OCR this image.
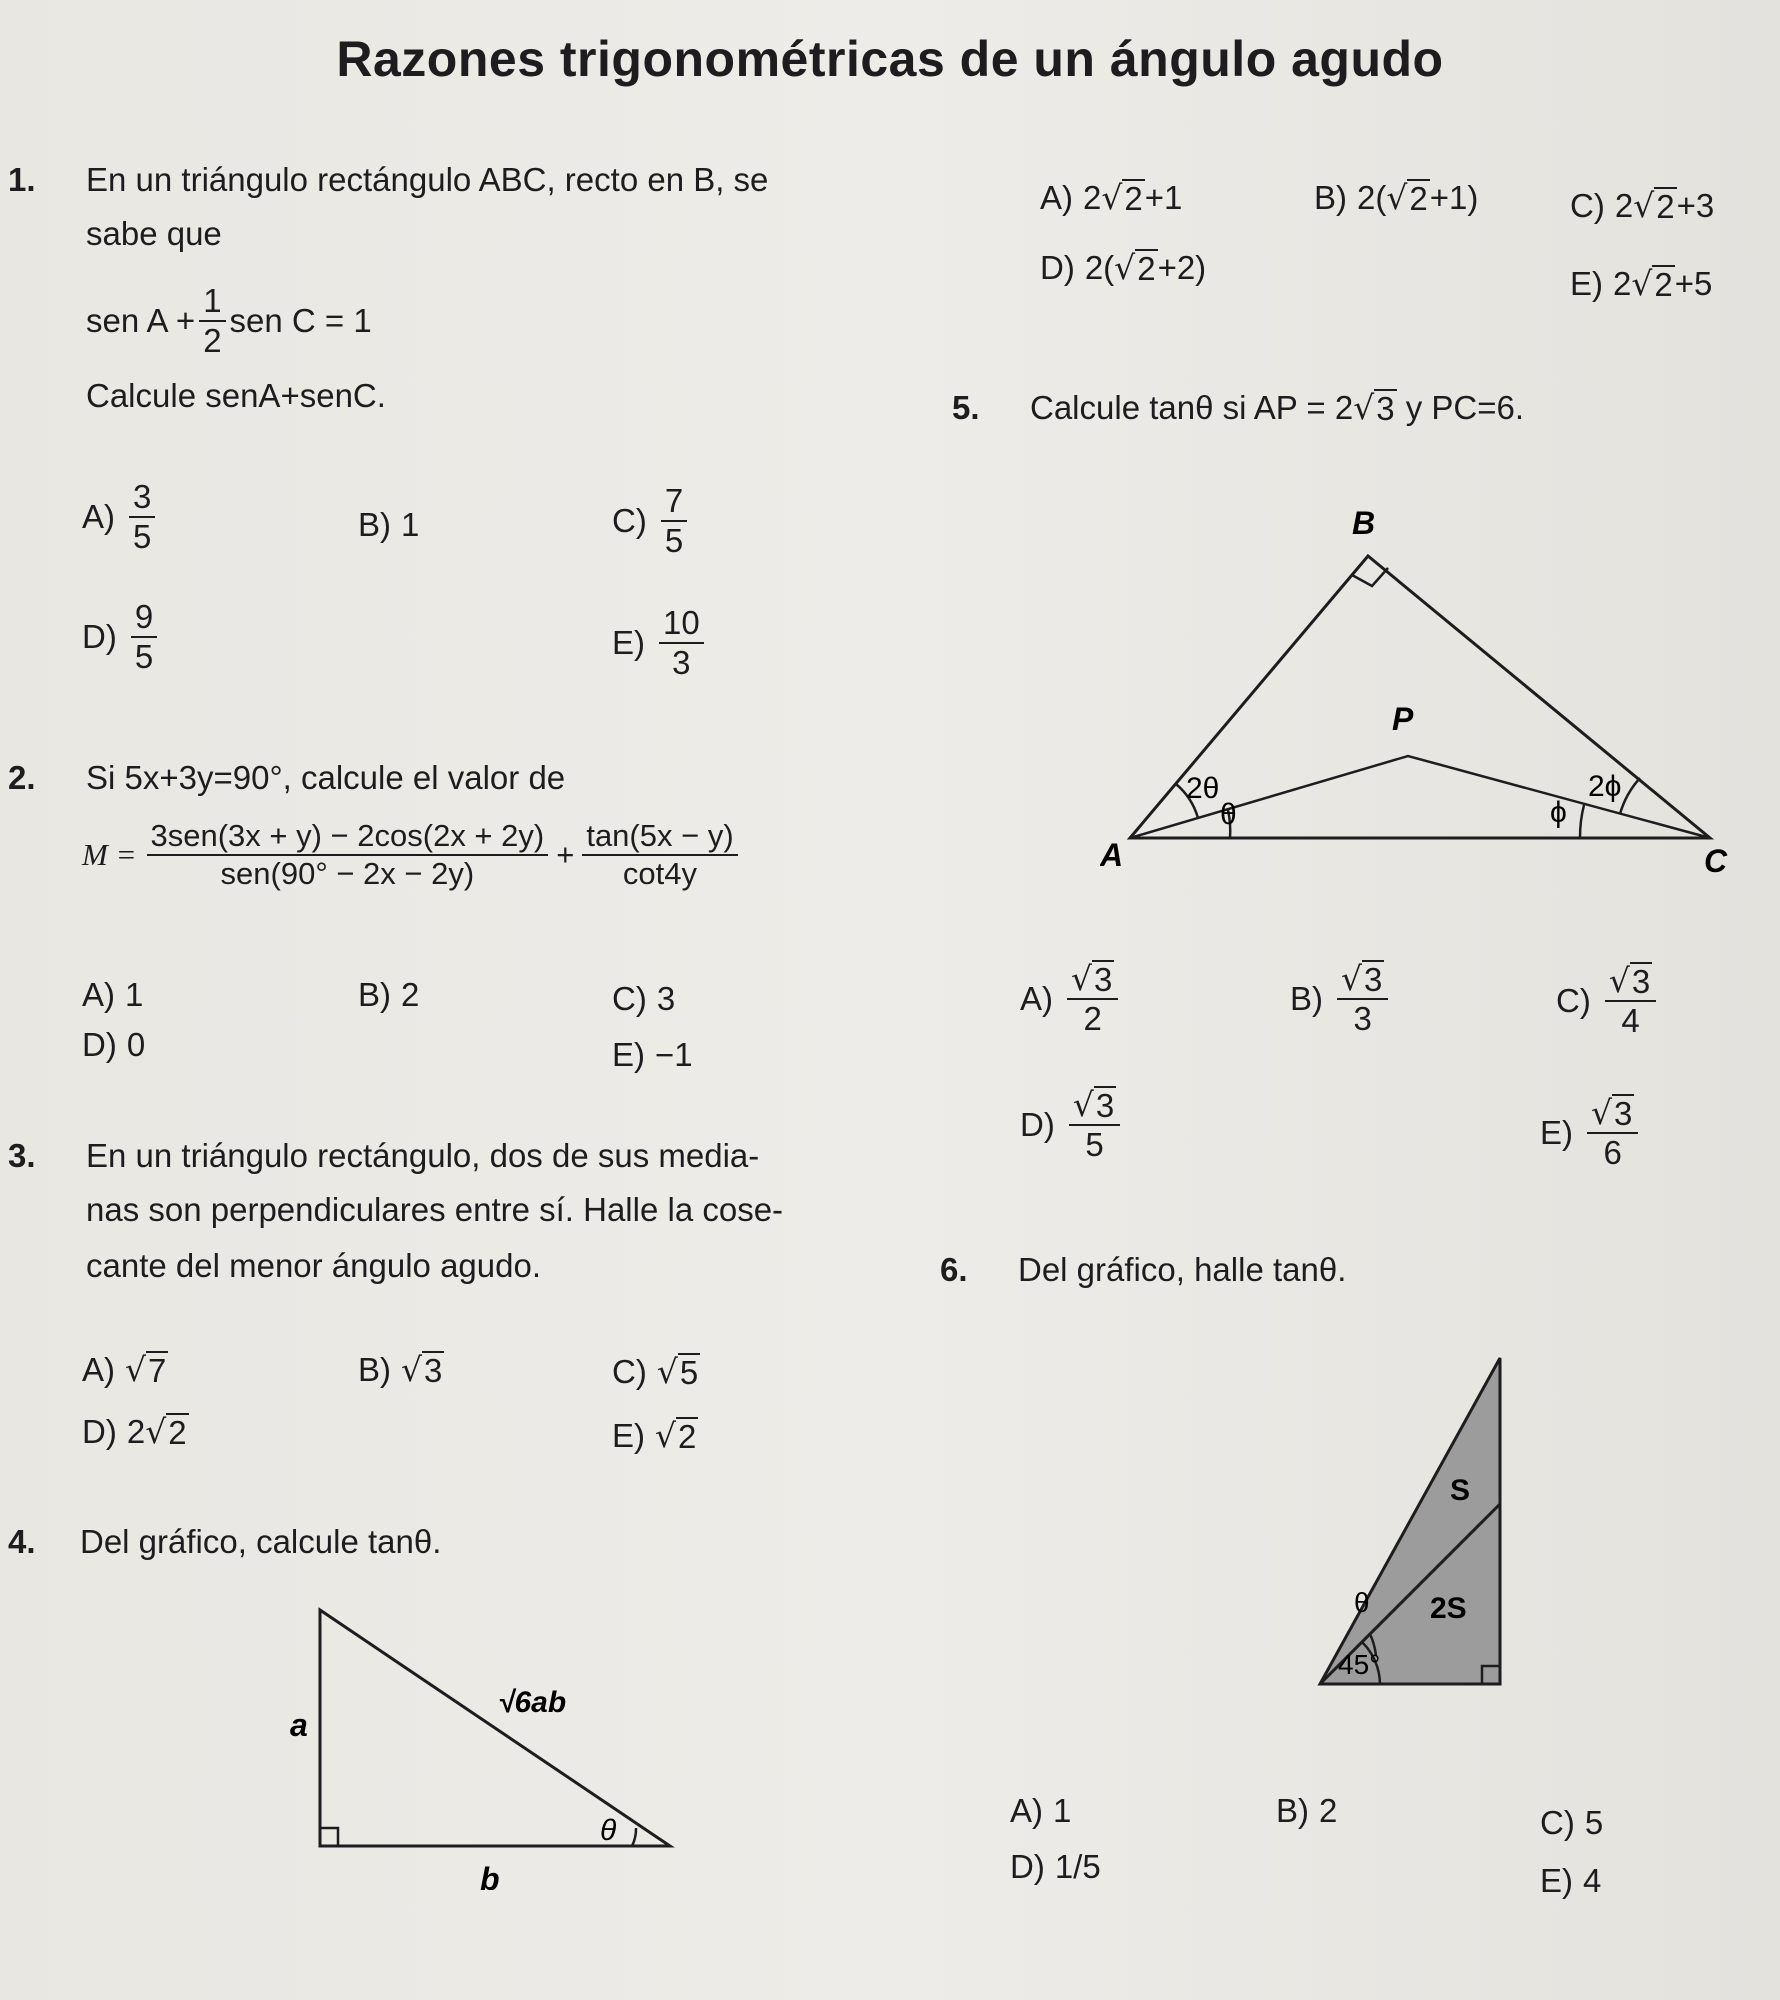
Razones trigonométricas de un ángulo agudo
1. En un triángulo rectángulo ABC, recto en B, se
sabe que
sen $A + \frac{1}{2}$ sen C = 1
Calcule senA+senC.
$A) \frac{3}{5}$	B) 1	$C) \frac{7}{5}$
$D) \frac{9}{5}$	$E) \frac{10}{3}$
2. Si 5x+3y=90°, calcule el valor de
$M = \frac{\text{3sen(3x + y) − 2cos(2x + 2y)}}{\text{sen(90° − 2x − 2y)}} + \frac{\tan(5x - y)}{\cot 4y}$
A) 1	B) 2	C) 3
D) 0	E) −1
3. En un triángulo rectángulo, dos de sus media-
nas son perpendiculares entre sí. Halle la cose-
cante del menor ángulo agudo.
A) √ 7	B) √ 3	C) √ 5
D) 2 √ 2	E) √ 2
4. Del gráfico, calcule tanθ.
a
b
√6ab
θ
A) 2 √ 2 +1	B) 2( √ 2 +1)	C) 2 √ 2 +3
D) 2( √ 2 +2)	E) 2 √ 2 +5
5. Calcule tanθ si AP = 2 √ 3 y PC=6.
A
B
C
P
2θ
θ
2ϕ
ϕ
$A) \frac{√ 3}{2}$	$B) \frac{√ 3}{3}$	$C) \frac{√ 3}{4}$
$D) \frac{√ 3}{5}$	$E) \frac{√ 3}{6}$
6. Del gráfico, halle tanθ.
S
2S
θ
45°
A) 1	B) 2	C) 5
D) 1/5	E) 4
